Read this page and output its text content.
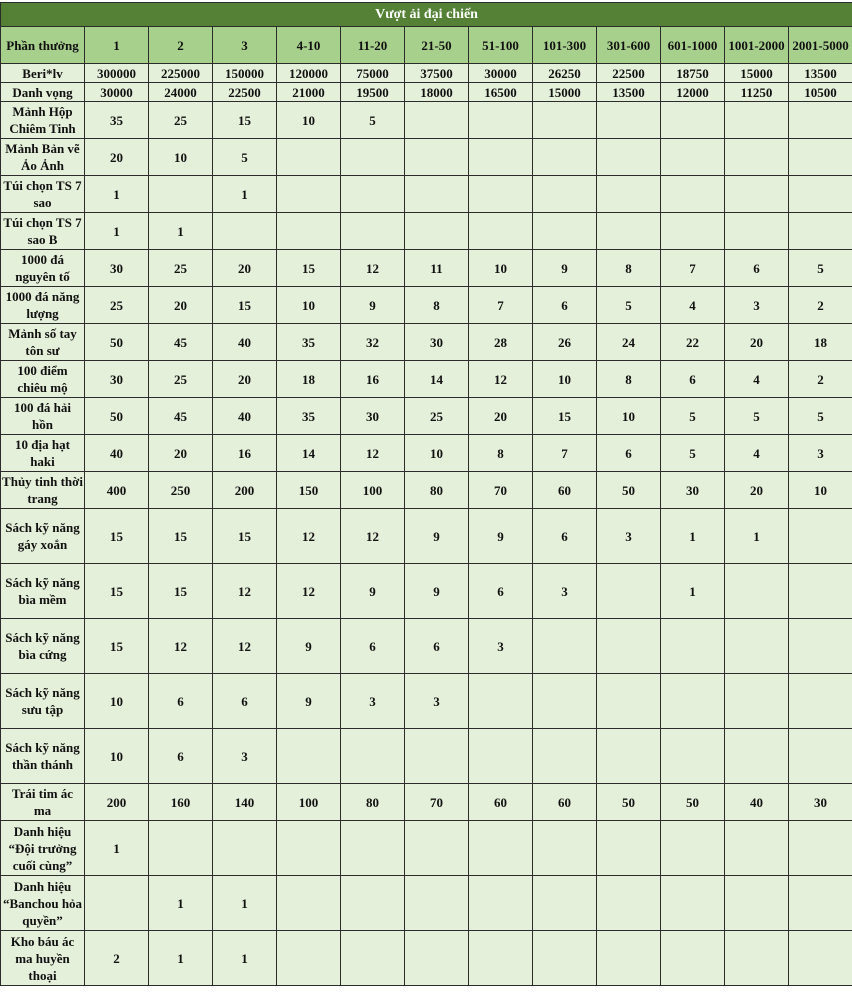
Vượt ải đại chiến												
Phần thưởng	1	2	3	4-10	11-20	21-50	51-100	101-300	301-600	601-1000	1001-2000	2001-5000
Beri*lv	300000	225000	150000	120000	75000	37500	30000	26250	22500	18750	15000	13500
Danh vọng	30000	24000	22500	21000	19500	18000	16500	15000	13500	12000	11250	10500
Mảnh Hộp Chiêm Tinh	35	25	15	10	5							
Mảnh Bản vẽ Ảo Ảnh	20	10	5									
Túi chọn TS 7 sao	1		1									
Túi chọn TS 7 sao B	1	1										
1000 đá nguyên tố	30	25	20	15	12	11	10	9	8	7	6	5
1000 đá năng lượng	25	20	15	10	9	8	7	6	5	4	3	2
Mảnh số tay tôn sư	50	45	40	35	32	30	28	26	24	22	20	18
100 điểm chiêu mộ	30	25	20	18	16	14	12	10	8	6	4	2
100 đá hải hồn	50	45	40	35	30	25	20	15	10	5	5	5
10 địa hạt haki	40	20	16	14	12	10	8	7	6	5	4	3
Thủy tinh thời trang	400	250	200	150	100	80	70	60	50	30	20	10
Sách kỹ năng gáy xoắn	15	15	15	12	12	9	9	6	3	1	1	
Sách kỹ năng bìa mềm	15	15	12	12	9	9	6	3		1		
Sách kỹ năng bìa cứng	15	12	12	9	6	6	3					
Sách kỹ năng sưu tập	10	6	6	9	3	3						
Sách kỹ năng thần thánh	10	6	3									
Trái tim ác ma	200	160	140	100	80	70	60	60	50	50	40	30
Danh hiệu “Đội trưởng cuối cùng”	1											
Danh hiệu “Banchou hỏa quyền”		1	1									
Kho báu ác ma huyền thoại	2	1	1									
